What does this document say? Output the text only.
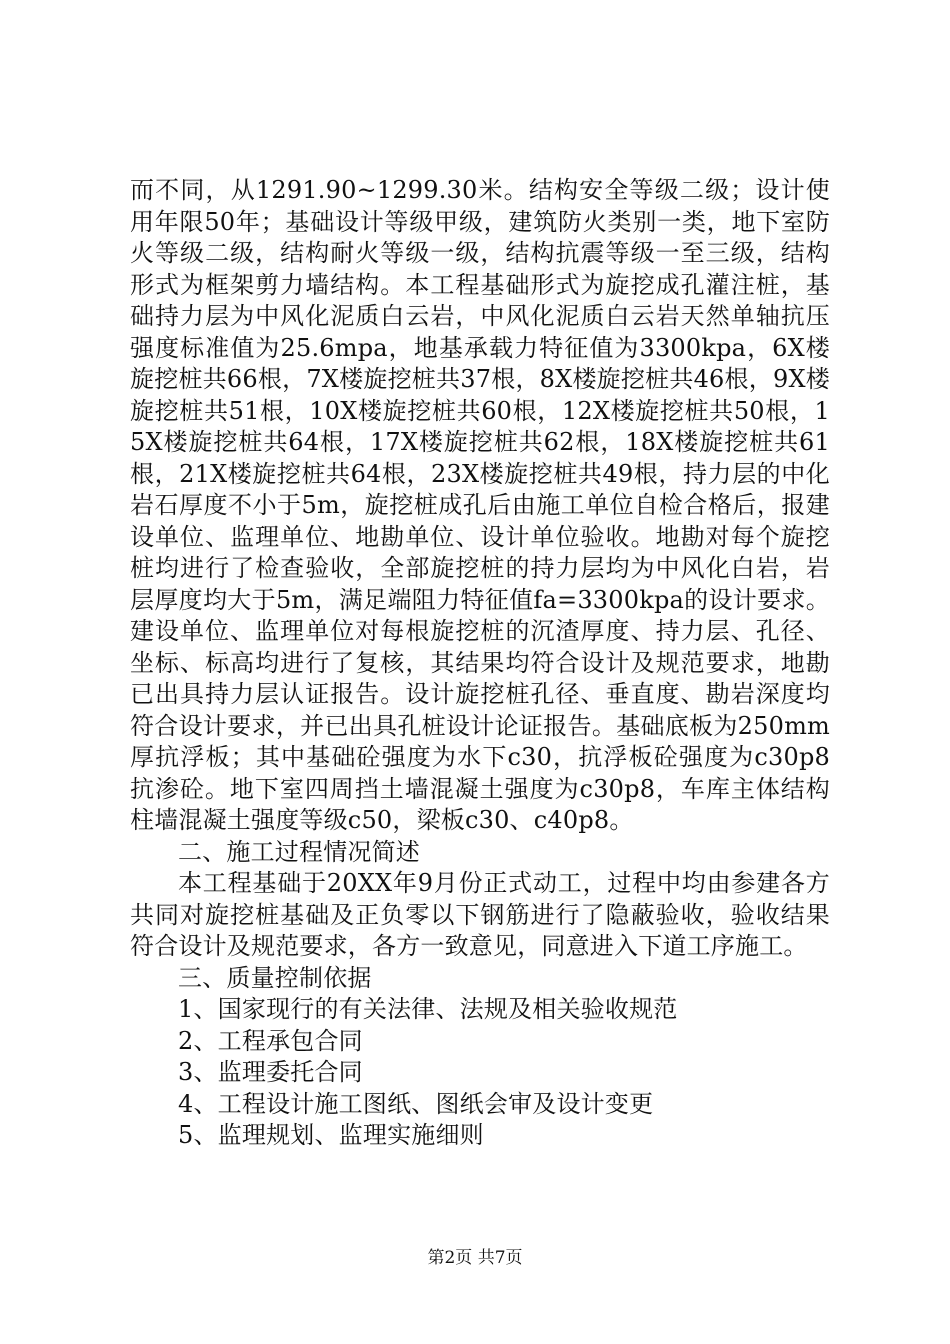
而不同，从1291.90~1299.30米。结构安全等级二级；设计使用年限50年；基础设计等级甲级，建筑防火类别一类，地下室防火等级二级，结构耐火等级一级，结构抗震等级一至三级，结构形式为框架剪力墙结构。本工程基础形式为旋挖成孔灌注桩，基础持力层为中风化泥质白云岩，中风化泥质白云岩天然单轴抗压强度标准值为25.6mpa，地基承载力特征值为3300kpa，6X楼旋挖桩共66根，7X楼旋挖桩共37根，8X楼旋挖桩共46根，9X楼旋挖桩共51根，10X楼旋挖桩共60根，12X楼旋挖桩共50根，15X楼旋挖桩共64根，17X楼旋挖桩共62根，18X楼旋挖桩共61根，21X楼旋挖桩共64根，23X楼旋挖桩共49根，持力层的中化岩石厚度不小于5m，旋挖桩成孔后由施工单位自检合格后，报建设单位、监理单位、地勘单位、设计单位验收。地勘对每个旋挖桩均进行了检查验收，全部旋挖桩的持力层均为中风化白岩，岩层厚度均大于5m，满足端阻力特征值fa=3300kpa的设计要求。建设单位、监理单位对每根旋挖桩的沉渣厚度、持力层、孔径、坐标、标高均进行了复核，其结果均符合设计及规范要求，地勘已出具持力层认证报告。设计旋挖桩孔径、垂直度、勘岩深度均符合设计要求，并已出具孔桩设计论证报告。基础底板为250mm厚抗浮板；其中基础砼强度为水下c30，抗浮板砼强度为c30p8抗渗砼。地下室四周挡土墙混凝土强度为c30p8，车库主体结构柱墙混凝土强度等级c50，梁板c30、c40p8。

二、施工过程情况简述

本工程基础于20XX年9月份正式动工，过程中均由参建各方共同对旋挖桩基础及正负零以下钢筋进行了隐蔽验收，验收结果符合设计及规范要求，各方一致意见，同意进入下道工序施工。

三、质量控制依据

1、国家现行的有关法律、法规及相关验收规范

2、工程承包合同

3、监理委托合同

4、工程设计施工图纸、图纸会审及设计变更

5、监理规划、监理实施细则

第2页 共7页
